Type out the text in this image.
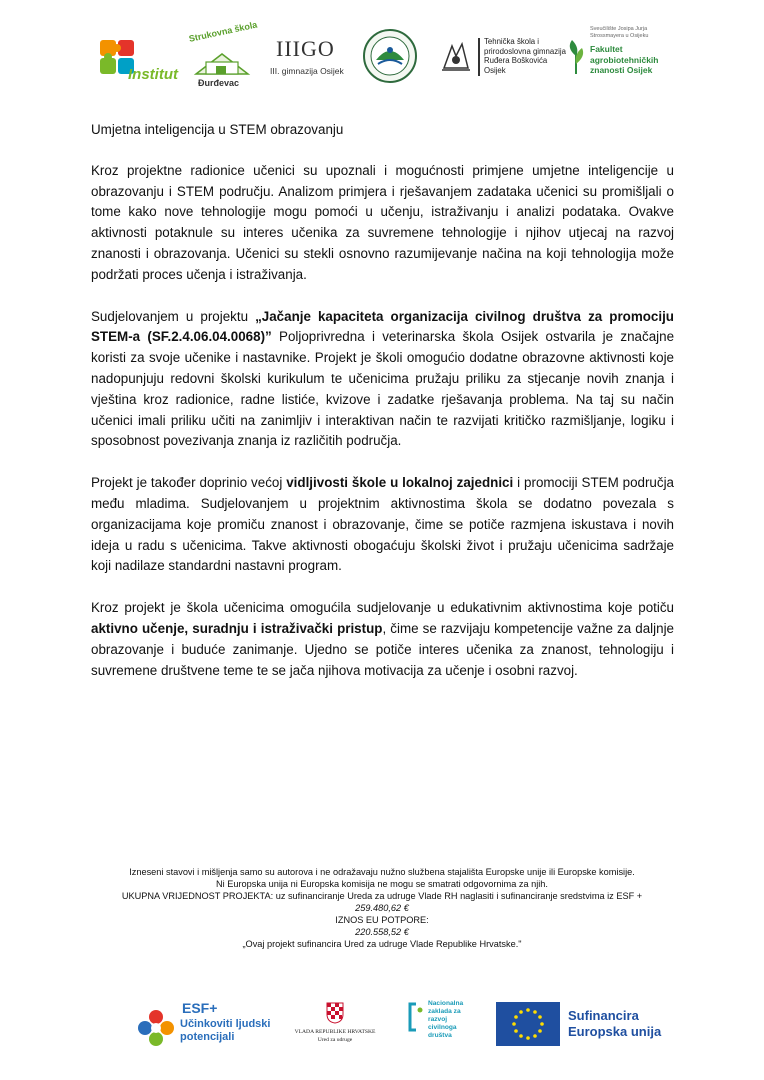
Institut
Strukovna škola
Đurđevac
IIIGO
III. gimnazija Osijek
Tehnička škola i
prirodoslovna gimnazija
Ruđera Boškovića
Osijek
Sveučilište Josipa Jurja
Strossmayera u Osijeku
Fakultet
agrobiotehničkih
znanosti Osijek

Umjetna inteligencija u STEM obrazovanju

Kroz projektne radionice učenici su upoznali i mogućnosti primjene umjetne inteligencije u obrazovanju i STEM području. Analizom primjera i rješavanjem zadataka učenici su promišljali o tome kako nove tehnologije mogu pomoći u učenju, istraživanju i analizi podataka. Ovakve aktivnosti potaknule su interes učenika za suvremene tehnologije i njihov utjecaj na razvoj znanosti i obrazovanja. Učenici su stekli osnovno razumijevanje načina na koji tehnologija može podržati proces učenja i istraživanja.

Sudjelovanjem u projektu „Jačanje kapaciteta organizacija civilnog društva za promociju STEM-a (SF.2.4.06.04.0068)” Poljoprivredna i veterinarska škola Osijek ostvarila je značajne koristi za svoje učenike i nastavnike. Projekt je školi omogućio dodatne obrazovne aktivnosti koje nadopunjuju redovni školski kurikulum te učenicima pružaju priliku za stjecanje novih znanja i vještina kroz radionice, radne listiće, kvizove i zadatke rješavanja problema. Na taj su način učenici imali priliku učiti na zanimljiv i interaktivan način te razvijati kritičko razmišljanje, logiku i sposobnost povezivanja znanja iz različitih područja.

Projekt je također doprinio većoj vidljivosti škole u lokalnoj zajednici i promociji STEM područja među mladima. Sudjelovanjem u projektnim aktivnostima škola se dodatno povezala s organizacijama koje promiču znanost i obrazovanje, čime se potiče razmjena iskustava i novih ideja u radu s učenicima. Takve aktivnosti obogaćuju školski život i pružaju učenicima sadržaje koji nadilaze standardni nastavni program.

Kroz projekt je škola učenicima omogućila sudjelovanje u edukativnim aktivnostima koje potiču aktivno učenje, suradnju i istraživački pristup, čime se razvijaju kompetencije važne za daljnje obrazovanje i buduće zanimanje. Ujedno se potiče interes učenika za znanost, tehnologiju i suvremene društvene teme te se jača njihova motivacija za učenje i osobni razvoj.

Izneseni stavovi i mišljenja samo su autorova i ne odražavaju nužno službena stajališta Europske unije ili Europske komisije.
Ni Europska unija ni Europska komisija ne mogu se smatrati odgovornima za njih.
UKUPNA VRIJEDNOST PROJEKTA: uz sufinanciranje Ureda za udruge Vlade RH naglasiti i sufinanciranje sredstvima iz ESF +
259.480,62 €
IZNOS EU POTPORE:
220.558,52 €
„Ovaj projekt sufinancira Ured za udruge Vlade Republike Hrvatske."
ESF+
Učinkoviti ljudski
potencijali	VLADA REPUBLIKE HRVATSKE
Ured za udruge
Nacionalna
zaklada za
razvoj
civilnoga
društva
Sufinancira
Europska unija
